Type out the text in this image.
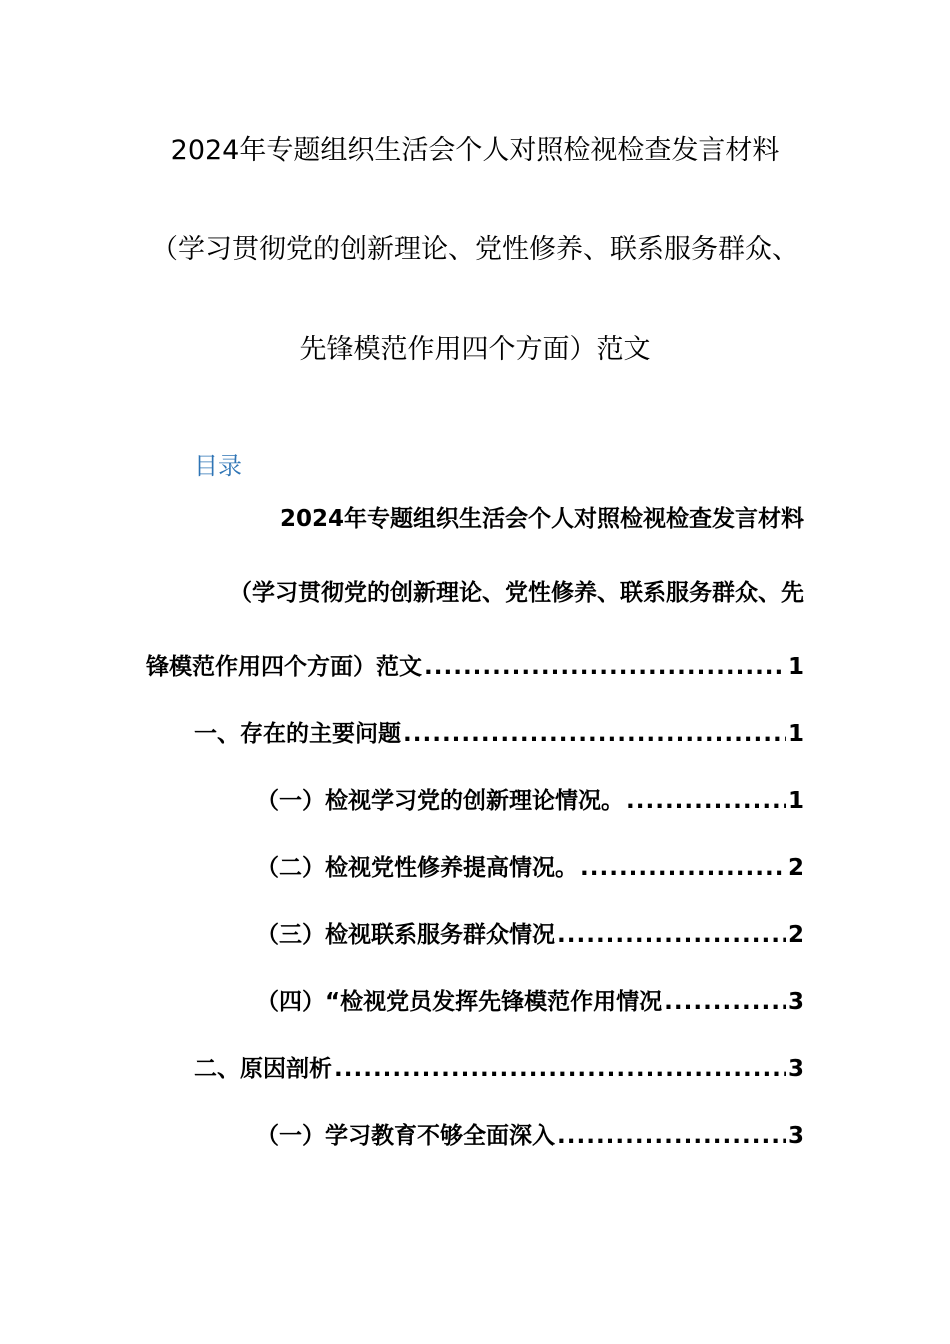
2024年专题组织生活会个人对照检视检查发言材料
（学习贯彻党的创新理论、党性修养、联系服务群众、
先锋模范作用四个方面）范文
目录
2024年专题组织生活会个人对照检视检查发言材料
（学习贯彻党的创新理论、党性修养、联系服务群众、先
锋模范作用四个方面）范文 .....	1
一、存在的主要问题 .....	1
（一）检视学习党的创新理论情况。 .....	1
（二）检视党性修养提高情况。 .....	2
（三）检视联系服务群众情况 .....	2
（四）“检视党员发挥先锋模范作用情况 .....	3
二、原因剖析 .....	3
（一）学习教育不够全面深入 .....	3
